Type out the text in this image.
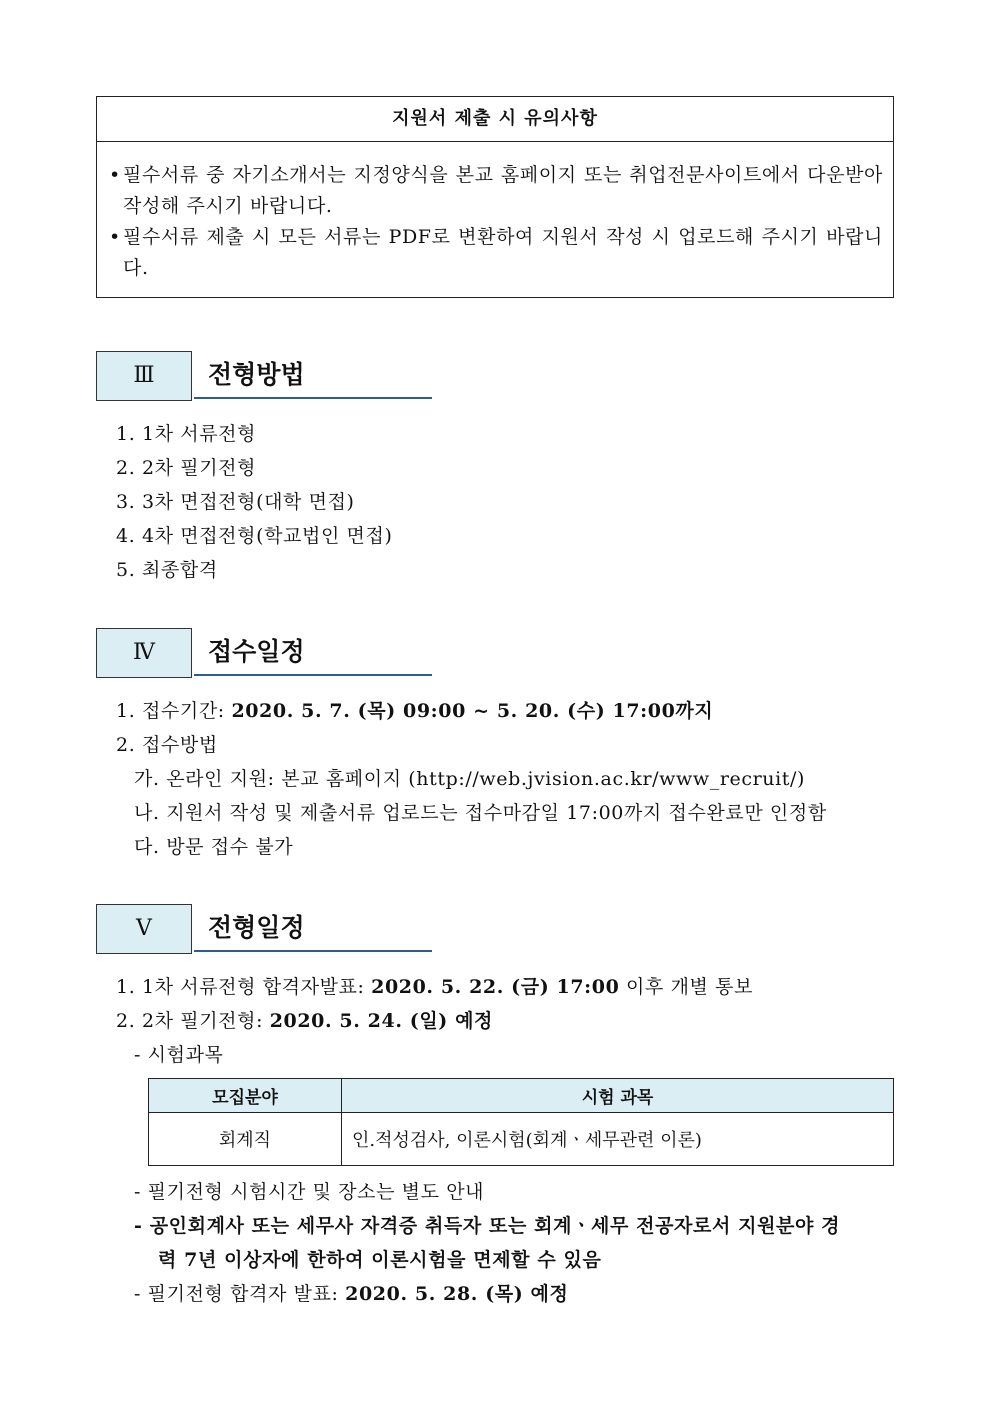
지원서 제출 시 유의사항
• 필수서류 중 자기소개서는 지정양식을 본교 홈페이지 또는 취업전문사이트에서 다운받아 작성해 주시기 바랍니다.
• 필수서류 제출 시 모든 서류는 PDF로 변환하여 지원서 작성 시 업로드해 주시기 바랍니다.
Ⅲ	전형방법
1. 1차 서류전형
2. 2차 필기전형
3. 3차 면접전형(대학 면접)
4. 4차 면접전형(학교법인 면접)
5. 최종합격
Ⅳ	접수일정
1. 접수기간: 2020. 5. 7. (목) 09:00 ~ 5. 20. (수) 17:00까지
2. 접수방법
가. 온라인 지원: 본교 홈페이지 (http://web.jvision.ac.kr/www_recruit/)
나. 지원서 작성 및 제출서류 업로드는 접수마감일 17:00까지 접수완료만 인정함
다. 방문 접수 불가
Ⅴ	전형일정
1. 1차 서류전형 합격자발표: 2020. 5. 22. (금) 17:00 이후 개별 통보
2. 2차 필기전형: 2020. 5. 24. (일) 예정
- 시험과목
모집분야	시험 과목
회계직	인.적성검사, 이론시험(회계ㆍ세무관련 이론)
- 필기전형 시험시간 및 장소는 별도 안내
- 공인회계사 또는 세무사 자격증 취득자 또는 회계ㆍ세무 전공자로서 지원분야 경
력 7년 이상자에 한하여 이론시험을 면제할 수 있음
- 필기전형 합격자 발표: 2020. 5. 28. (목) 예정
